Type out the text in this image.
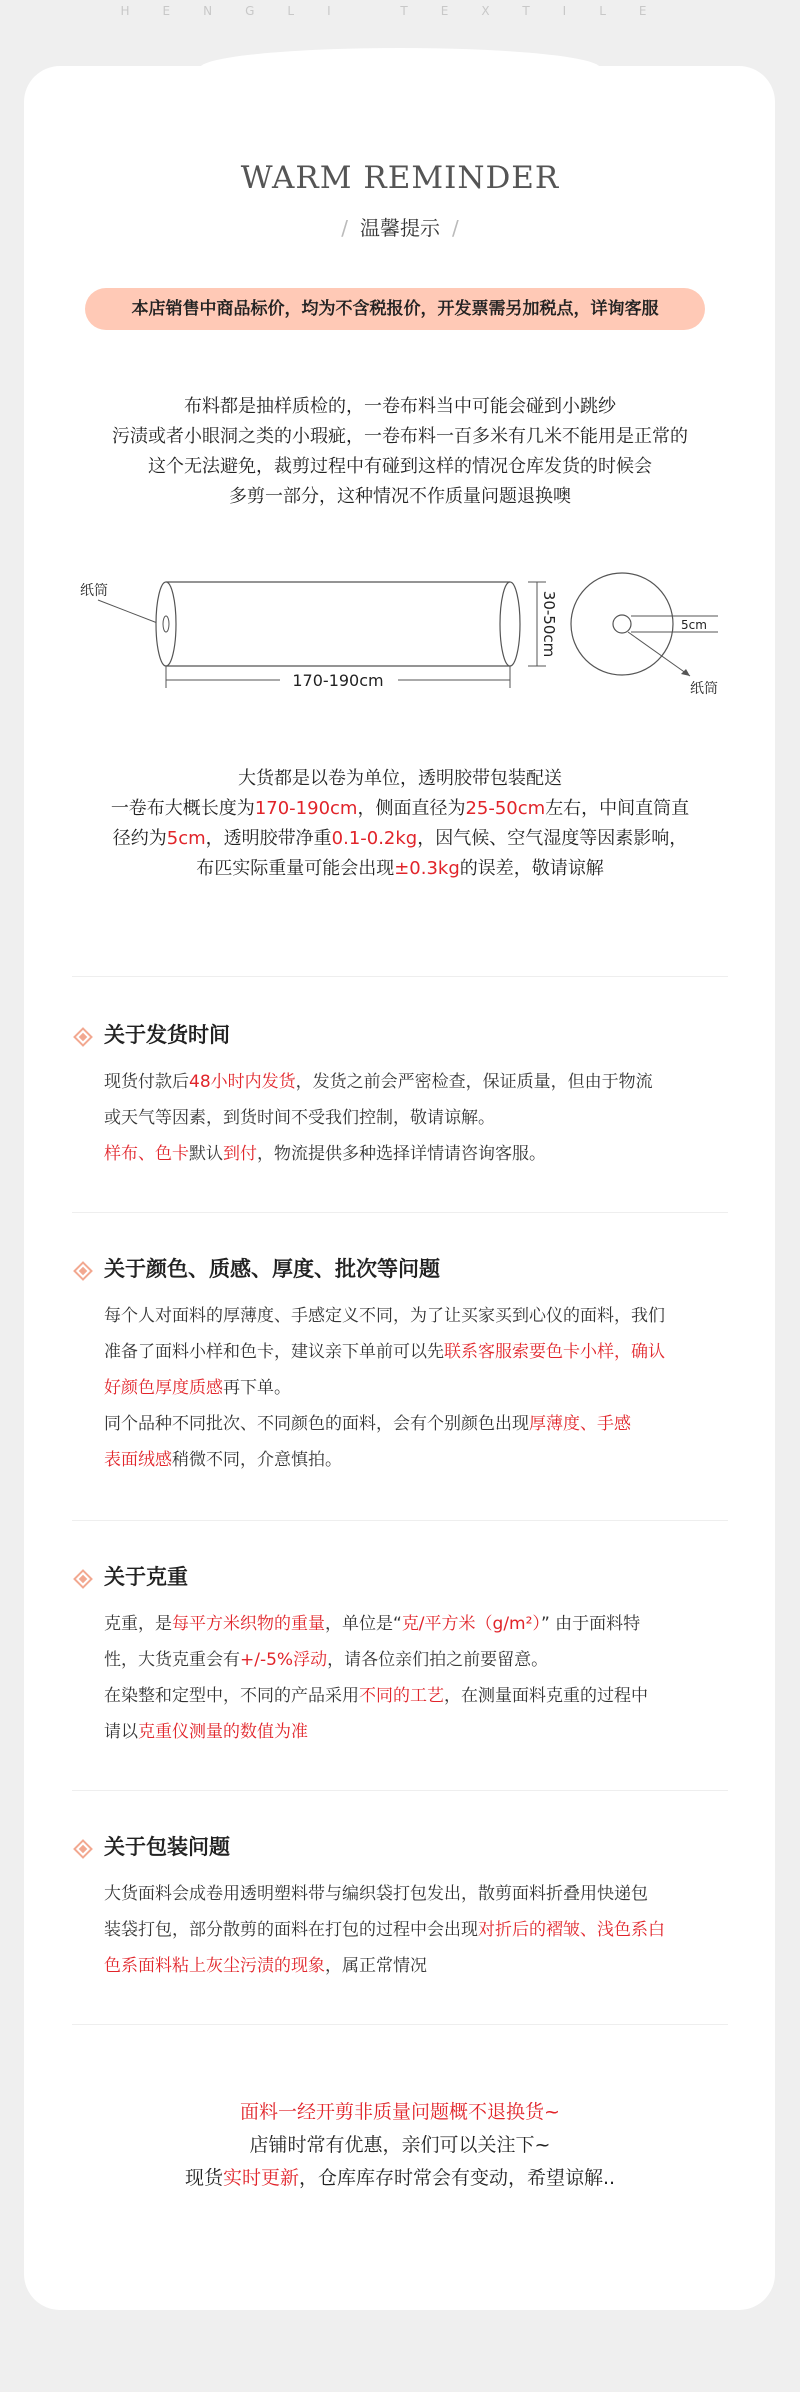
HENGLI TEXTILE
WARM REMINDER
/ 温馨提示 /
本店销售中商品标价，均为不含税报价，开发票需另加税点，详询客服
布料都是抽样质检的，一卷布料当中可能会碰到小跳纱
污渍或者小眼洞之类的小瑕疵，一卷布料一百多米有几米不能用是正常的
这个无法避免，裁剪过程中有碰到这样的情况仓库发货的时候会
多剪一部分，这种情况不作质量问题退换噢
纸筒
170-190cm
30-50cm	5cm
纸筒
大货都是以卷为单位，透明胶带包装配送
一卷布大概长度为170-190cm，侧面直径为25-50cm左右，中间直筒直
径约为5cm，透明胶带净重0.1-0.2kg，因气候、空气湿度等因素影响，
布匹实际重量可能会出现±0.3kg的误差，敬请谅解
关于发货时间
现货付款后48小时内发货，发货之前会严密检查，保证质量，但由于物流
或天气等因素，到货时间不受我们控制，敬请谅解。
样布、色卡默认到付，物流提供多种选择详情请咨询客服。
关于颜色、质感、厚度、批次等问题
每个人对面料的厚薄度、手感定义不同，为了让买家买到心仪的面料，我们
准备了面料小样和色卡，建议亲下单前可以先联系客服索要色卡小样，确认
好颜色厚度质感再下单。
同个品种不同批次、不同颜色的面料，会有个别颜色出现厚薄度、手感
表面绒感稍微不同，介意慎拍。
关于克重
克重，是每平方米织物的重量，单位是“克/平方米（g/m²）” 由于面料特
性，大货克重会有+/-5%浮动，请各位亲们拍之前要留意。
在染整和定型中，不同的产品采用不同的工艺，在测量面料克重的过程中
请以克重仪测量的数值为准
关于包装问题
大货面料会成卷用透明塑料带与编织袋打包发出，散剪面料折叠用快递包
装袋打包，部分散剪的面料在打包的过程中会出现对折后的褶皱、浅色系白
色系面料粘上灰尘污渍的现象，属正常情况
面料一经开剪非质量问题概不退换货~
店铺时常有优惠，亲们可以关注下~
现货实时更新，仓库库存时常会有变动，希望谅解..
